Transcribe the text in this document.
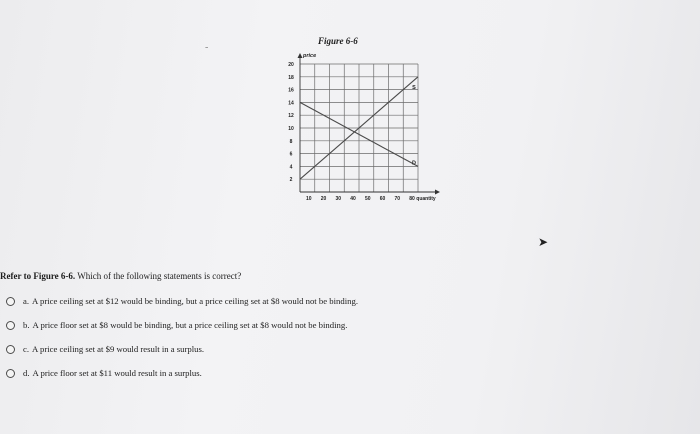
-
Figure 6-6
10 20 30 40 50 60 70 80
2
4
6
8
10
12
14
16
18
20
price
quantity
S
D
➤
Refer to Figure 6-6. Which of the following statements is correct?
a. A price ceiling set at $12 would be binding, but a price ceiling set at $8 would not be binding.
b. A price floor set at $8 would be binding, but a price ceiling set at $8 would not be binding.
c. A price ceiling set at $9 would result in a surplus.
d. A price floor set at $11 would result in a surplus.
